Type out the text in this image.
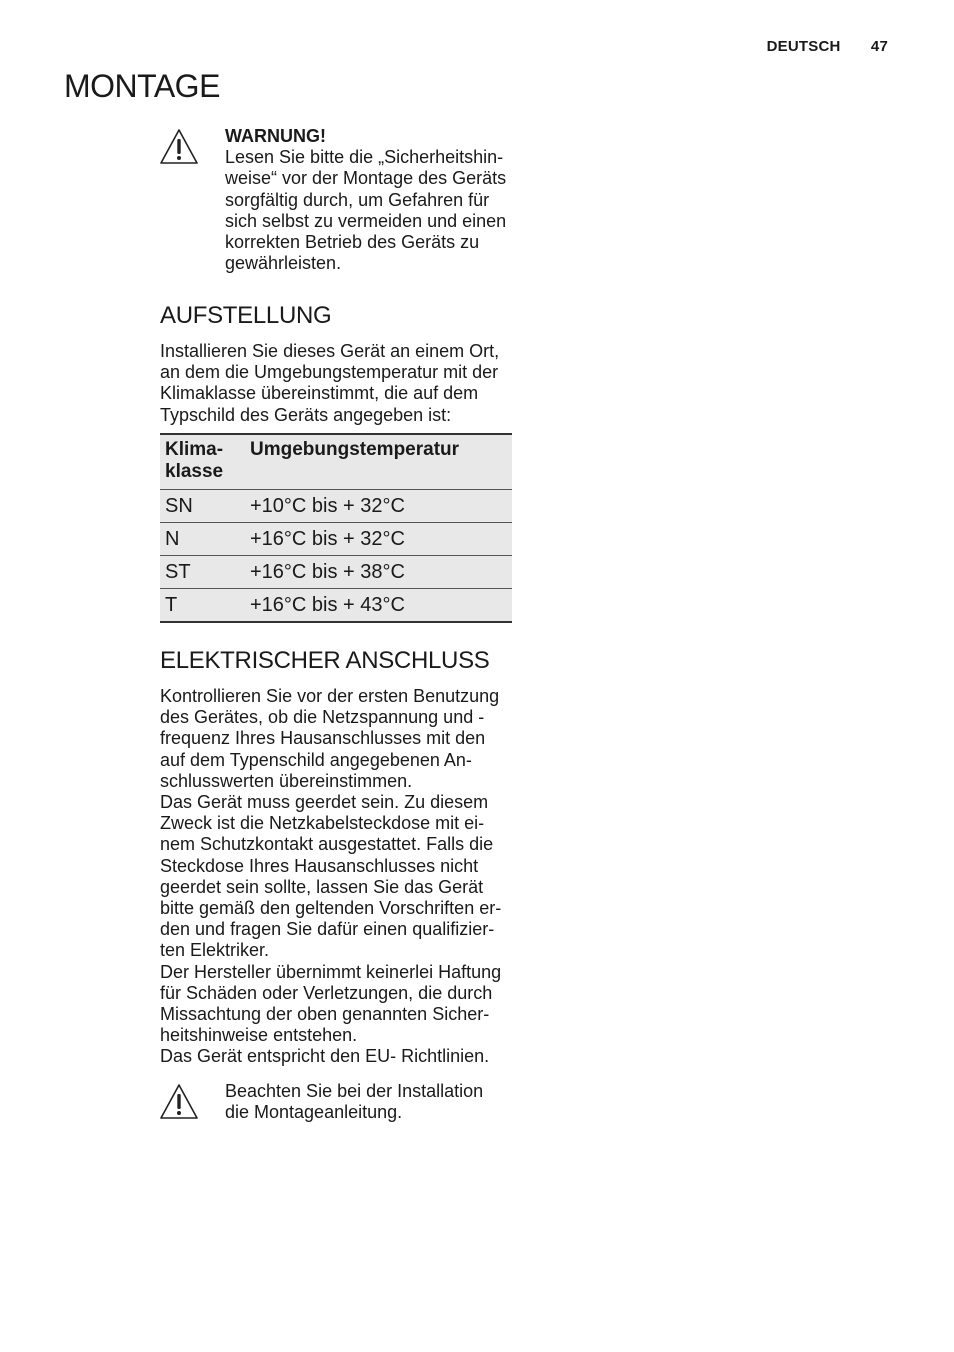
DEUTSCH 47
MONTAGE

WARNUNG!

Lesen Sie bitte die „Sicherheitshin-
weise“ vor der Montage des Geräts
sorgfältig durch, um Gefahren für
sich selbst zu vermeiden und einen
korrekten Betrieb des Geräts zu
gewährleisten.

AUFSTELLUNG

Installieren Sie dieses Gerät an einem Ort,
an dem die Umgebungstemperatur mit der
Klimaklasse übereinstimmt, die auf dem
Typschild des Geräts angegeben ist:

Klima-
klasse	Umgebungstemperatur
SN	+10°C bis + 32°C
N	+16°C bis + 32°C
ST	+16°C bis + 38°C
T	+16°C bis + 43°C
ELEKTRISCHER ANSCHLUSS

Kontrollieren Sie vor der ersten Benutzung
des Gerätes, ob die Netzspannung und -
frequenz Ihres Hausanschlusses mit den
auf dem Typenschild angegebenen An-
schlusswerten übereinstimmen.

Das Gerät muss geerdet sein. Zu diesem
Zweck ist die Netzkabelsteckdose mit ei-
nem Schutzkontakt ausgestattet. Falls die
Steckdose Ihres Hausanschlusses nicht
geerdet sein sollte, lassen Sie das Gerät
bitte gemäß den geltenden Vorschriften er-
den und fragen Sie dafür einen qualifizier-
ten Elektriker.

Der Hersteller übernimmt keinerlei Haftung
für Schäden oder Verletzungen, die durch
Missachtung der oben genannten Sicher-
heitshinweise entstehen.

Das Gerät entspricht den EU- Richtlinien.

Beachten Sie bei der Installation
die Montageanleitung.
